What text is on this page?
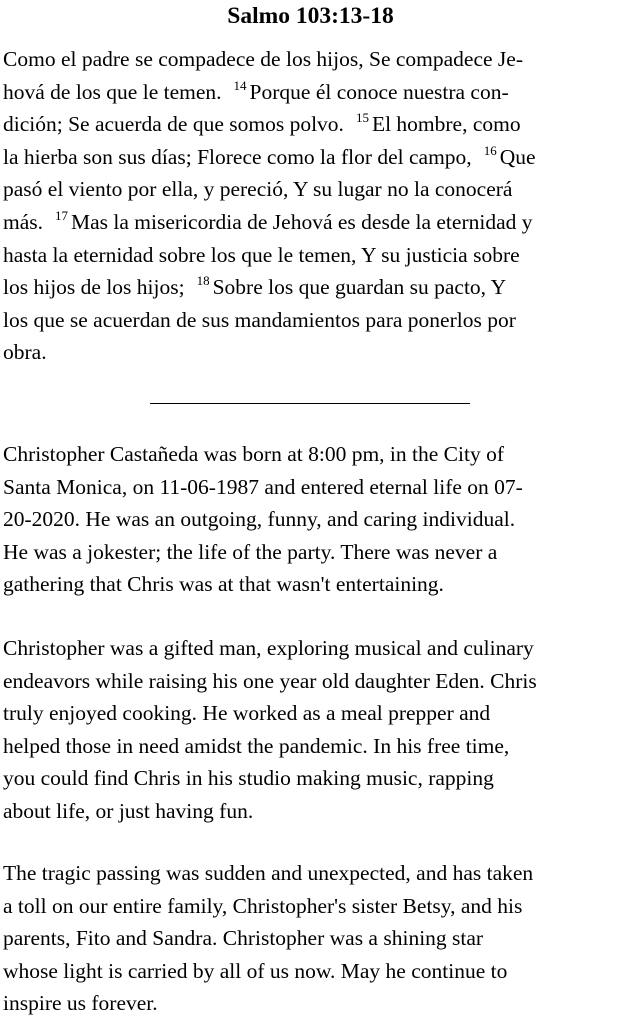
Salmo 103:13-18

Como el padre se compadece de los hijos, Se compadece Je-
hová de los que le temen. $^{14}$ Porque él conoce nuestra con-
dición; Se acuerda de que somos polvo. $^{15}$ El hombre, como
la hierba son sus días; Florece como la flor del campo, $^{16}$ Que
pasó el viento por ella, y pereció, Y su lugar no la conocerá
más. $^{17}$ Mas la misericordia de Jehová es desde la eternidad y
hasta la eternidad sobre los que le temen, Y su justicia sobre
los hijos de los hijos; $^{18}$ Sobre los que guardan su pacto, Y
los que se acuerdan de sus mandamientos para ponerlos por
obra.

Christopher Castañeda was born at 8:00 pm, in the City of
Santa Monica, on 11-06-1987 and entered eternal life on 07-
20-2020. He was an outgoing, funny, and caring individual.
He was a jokester; the life of the party. There was never a
gathering that Chris was at that wasn't entertaining.

Christopher was a gifted man, exploring musical and culinary
endeavors while raising his one year old daughter Eden. Chris
truly enjoyed cooking. He worked as a meal prepper and
helped those in need amidst the pandemic. In his free time,
you could find Chris in his studio making music, rapping
about life, or just having fun.

The tragic passing was sudden and unexpected, and has taken
a toll on our entire family, Christopher's sister Betsy, and his
parents, Fito and Sandra. Christopher was a shining star
whose light is carried by all of us now. May he continue to
inspire us forever.
